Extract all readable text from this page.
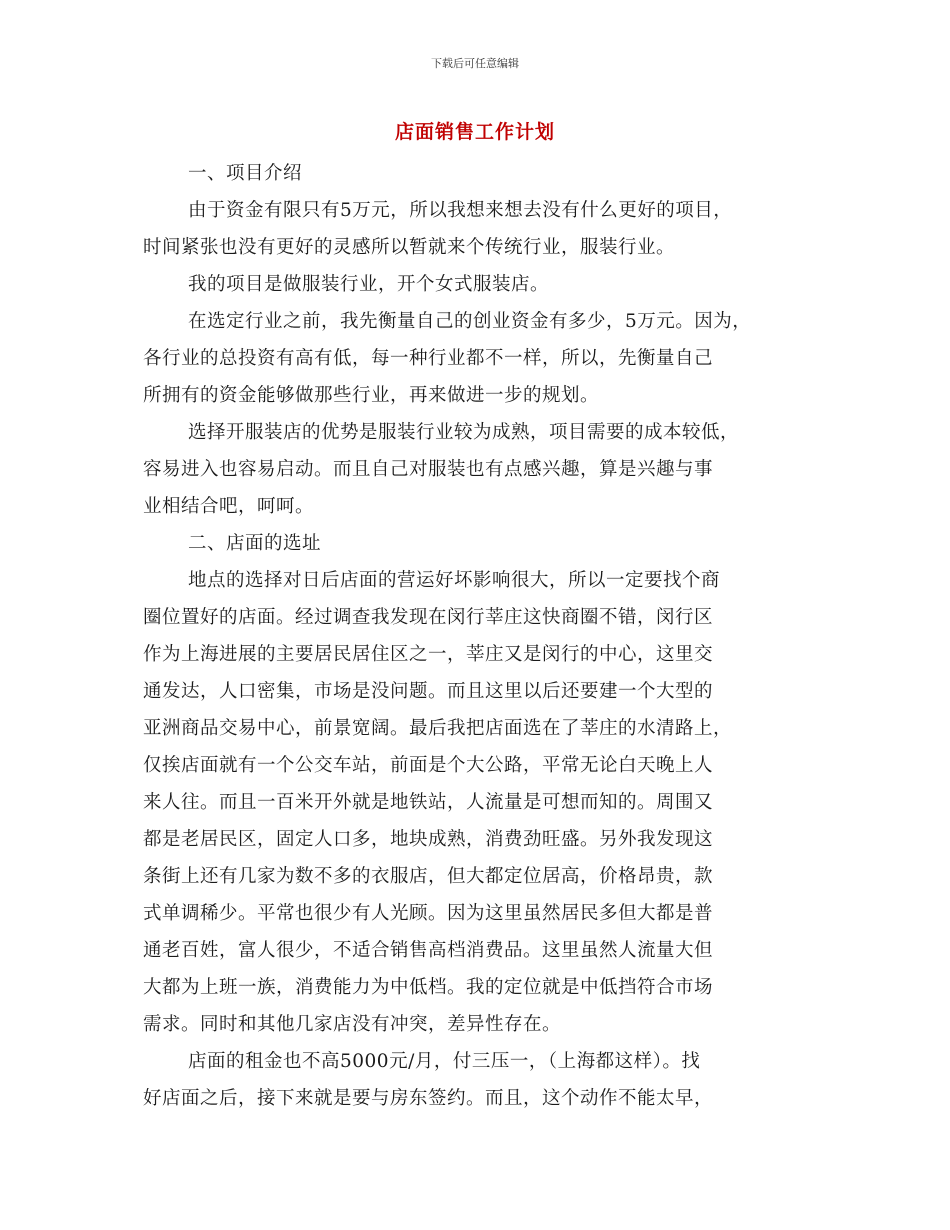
下载后可任意编辑
店面销售工作计划
一、项目介绍
由于资金有限只有5万元，所以我想来想去没有什么更好的项目，
时间紧张也没有更好的灵感所以暂就来个传统行业，服装行业。
我的项目是做服装行业，开个女式服装店。
在选定行业之前，我先衡量自己的创业资金有多少，5万元。因为，
各行业的总投资有高有低，每一种行业都不一样，所以，先衡量自己
所拥有的资金能够做那些行业，再来做进一步的规划。
选择开服装店的优势是服装行业较为成熟，项目需要的成本较低，
容易进入也容易启动。而且自己对服装也有点感兴趣，算是兴趣与事
业相结合吧，呵呵。
二、店面的选址
地点的选择对日后店面的营运好坏影响很大，所以一定要找个商
圈位置好的店面。经过调查我发现在闵行莘庄这快商圈不错，闵行区
作为上海进展的主要居民居住区之一，莘庄又是闵行的中心，这里交
通发达，人口密集，市场是没问题。而且这里以后还要建一个大型的
亚洲商品交易中心，前景宽阔。最后我把店面选在了莘庄的水清路上，
仅挨店面就有一个公交车站，前面是个大公路，平常无论白天晚上人
来人往。而且一百米开外就是地铁站，人流量是可想而知的。周围又
都是老居民区，固定人口多，地块成熟，消费劲旺盛。另外我发现这
条街上还有几家为数不多的衣服店，但大都定位居高，价格昂贵，款
式单调稀少。平常也很少有人光顾。因为这里虽然居民多但大都是普
通老百姓，富人很少，不适合销售高档消费品。这里虽然人流量大但
大都为上班一族，消费能力为中低档。我的定位就是中低挡符合市场
需求。同时和其他几家店没有冲突，差异性存在。
店面的租金也不高5000元/月，付三压一，（上海都这样）。找
好店面之后，接下来就是要与房东签约。而且，这个动作不能太早，
